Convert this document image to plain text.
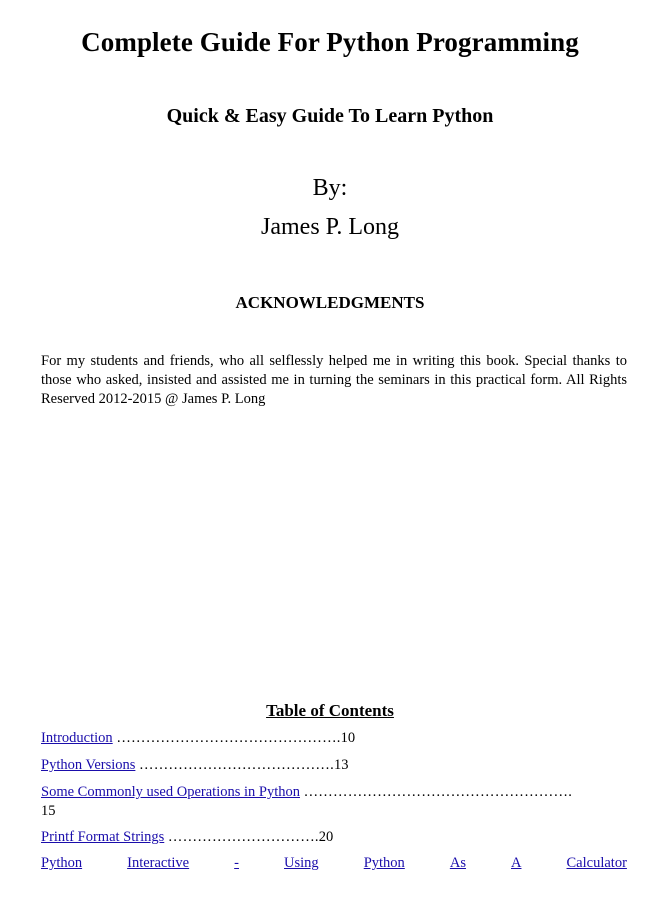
Complete Guide For Python Programming
Quick & Easy Guide To Learn Python
By:
James P. Long
ACKNOWLEDGMENTS
For my students and friends, who all selflessly helped me in writing this book. Special thanks to those who asked, insisted and assisted me in turning the seminars in this practical form. All Rights Reserved 2012-2015 @ James P. Long
Table of Contents
Introduction ……………………………………….10
Python Versions ………………………………….13
Some Commonly used Operations in Python ……………………………………………….
15
Printf Format Strings ………………………….20
Python	Interactive	-	Using	Python	As	A	Calculator
